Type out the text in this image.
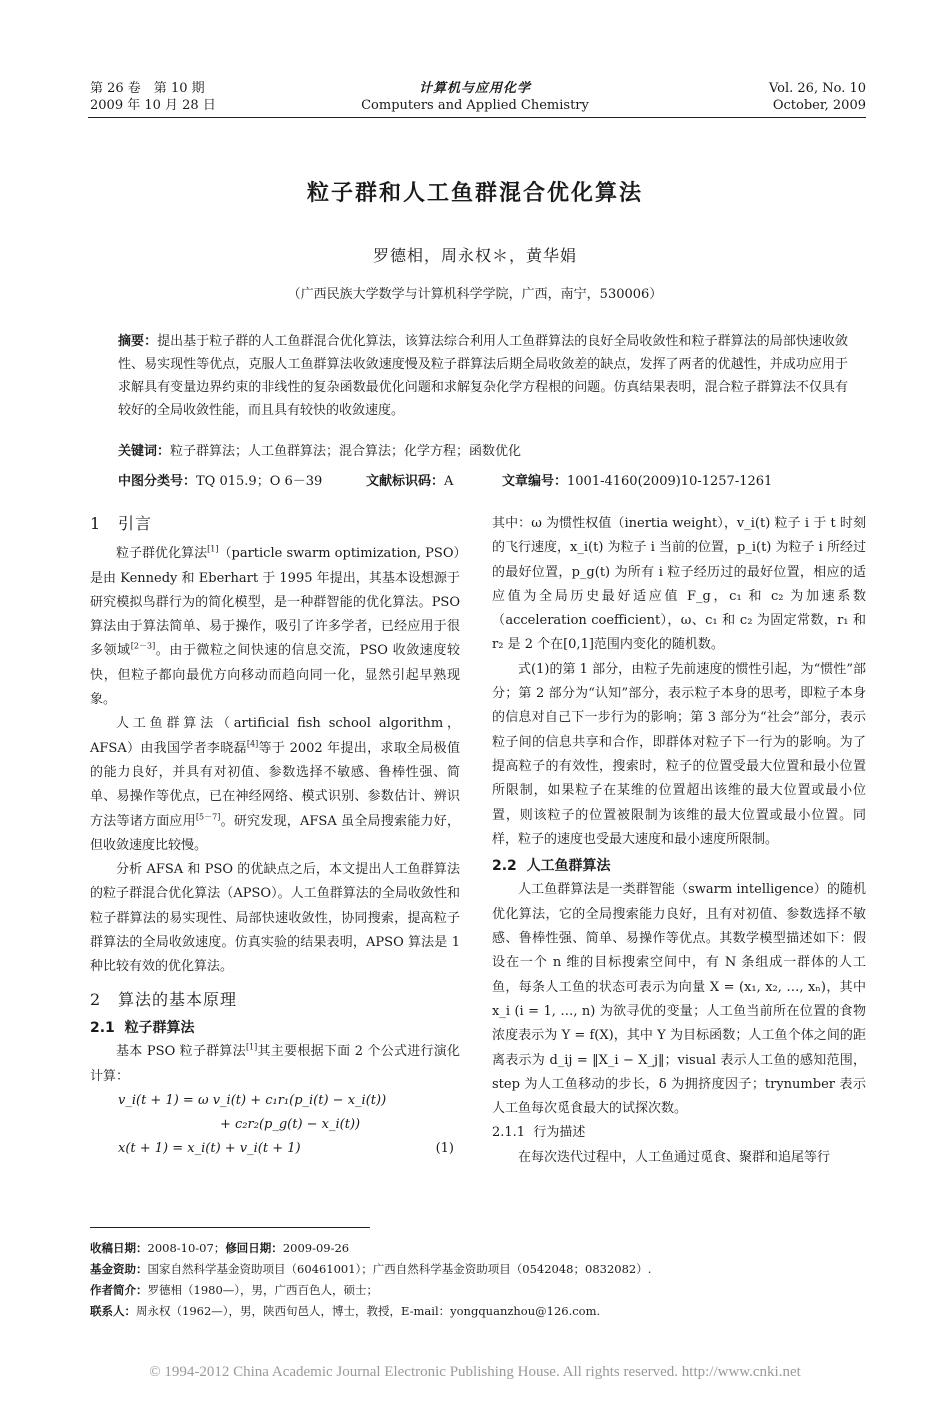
第 26 卷　第 10 期
2009 年 10 月 28 日
计算机与应用化学
Computers and Applied Chemistry
Vol. 26, No. 10
October, 2009
粒子群和人工鱼群混合优化算法
罗德相，周永权＊，黄华娟
（广西民族大学数学与计算机科学学院，广西，南宁，530006）
摘要：提出基于粒子群的人工鱼群混合优化算法，该算法综合利用人工鱼群算法的良好全局收敛性和粒子群算法的局部快速收敛性、易实现性等优点，克服人工鱼群算法收敛速度慢及粒子群算法后期全局收敛差的缺点，发挥了两者的优越性，并成功应用于求解具有变量边界约束的非线性的复杂函数最优化问题和求解复杂化学方程根的问题。仿真结果表明，混合粒子群算法不仅具有较好的全局收敛性能，而且具有较快的收敛速度。
关键词：粒子群算法；人工鱼群算法；混合算法；化学方程；函数优化
中图分类号：TQ 015.9；O 6－39	文献标识码：A	文章编号：1001-4160(2009)10-1257-1261

1 引言

粒子群优化算法[1]（particle swarm optimization, PSO）是由 Kennedy 和 Eberhart 于 1995 年提出，其基本设想源于研究模拟鸟群行为的简化模型，是一种群智能的优化算法。PSO 算法由于算法简单、易于操作，吸引了许多学者，已经应用于很多领域[2－3]。由于微粒之间快速的信息交流，PSO 收敛速度较快，但粒子都向最优方向移动而趋向同一化，显然引起早熟现象。

人工鱼群算法（artificial fish school algorithm，AFSA）由我国学者李晓磊[4]等于 2002 年提出，求取全局极值的能力良好，并具有对初值、参数选择不敏感、鲁棒性强、简单、易操作等优点，已在神经网络、模式识别、参数估计、辨识方法等诸方面应用[5－7]。研究发现，AFSA 虽全局搜索能力好，但收敛速度比较慢。

分析 AFSA 和 PSO 的优缺点之后，本文提出人工鱼群算法的粒子群混合优化算法（APSO）。人工鱼群算法的全局收敛性和粒子群算法的易实现性、局部快速收敛性，协同搜索，提高粒子群算法的全局收敛速度。仿真实验的结果表明，APSO 算法是 1 种比较有效的优化算法。

2 算法的基本原理

2.1 粒子群算法

基本 PSO 粒子群算法[1]其主要根据下面 2 个公式进行演化计算：

v_i(t + 1) = ω v_i(t) + c₁r₁(p_i(t) − x_i(t))
+ c₂r₂(p_g(t) − x_i(t))
x(t + 1) = x_i(t) + v_i(t + 1)	(1)

其中：ω 为惯性权值（inertia weight），v_i(t) 粒子 i 于 t 时刻的飞行速度，x_i(t) 为粒子 i 当前的位置，p_i(t) 为粒子 i 所经过的最好位置，p_g(t) 为所有 i 粒子经历过的最好位置，相应的适应值为全局历史最好适应值 F_g，c₁ 和 c₂ 为加速系数（acceleration coefficient），ω、c₁ 和 c₂ 为固定常数，r₁ 和 r₂ 是 2 个在[0,1]范围内变化的随机数。

式(1)的第 1 部分，由粒子先前速度的惯性引起，为“惯性”部分；第 2 部分为“认知”部分，表示粒子本身的思考，即粒子本身的信息对自己下一步行为的影响；第 3 部分为“社会”部分，表示粒子间的信息共享和合作，即群体对粒子下一行为的影响。为了提高粒子的有效性，搜索时，粒子的位置受最大位置和最小位置所限制，如果粒子在某维的位置超出该维的最大位置或最小位置，则该粒子的位置被限制为该维的最大位置或最小位置。同样，粒子的速度也受最大速度和最小速度所限制。

2.2 人工鱼群算法

人工鱼群算法是一类群智能（swarm intelligence）的随机优化算法，它的全局搜索能力良好，且有对初值、参数选择不敏感、鲁棒性强、简单、易操作等优点。其数学模型描述如下：假设在一个 n 维的目标搜索空间中，有 N 条组成一群体的人工鱼，每条人工鱼的状态可表示为向量 X = (x₁, x₂, …, xₙ)，其中 x_i (i = 1, …, n) 为欲寻优的变量；人工鱼当前所在位置的食物浓度表示为 Y = f(X)，其中 Y 为目标函数；人工鱼个体之间的距离表示为 d_ij = ‖X_i − X_j‖；visual 表示人工鱼的感知范围，step 为人工鱼移动的步长，δ 为拥挤度因子；trynumber 表示人工鱼每次觅食最大的试探次数。

2.1.1 行为描述

在每次迭代过程中，人工鱼通过觅食、聚群和追尾等行

收稿日期：2008-10-07；修回日期：2009-09-26
基金资助：国家自然科学基金资助项目（60461001）；广西自然科学基金资助项目（0542048；0832082）.
作者简介：罗德相（1980—），男，广西百色人，硕士；
联系人：周永权（1962—），男，陕西旬邑人，博士，教授，E-mail：yongquanzhou@126.com.
© 1994-2012 China Academic Journal Electronic Publishing House. All rights reserved. http://www.cnki.net
